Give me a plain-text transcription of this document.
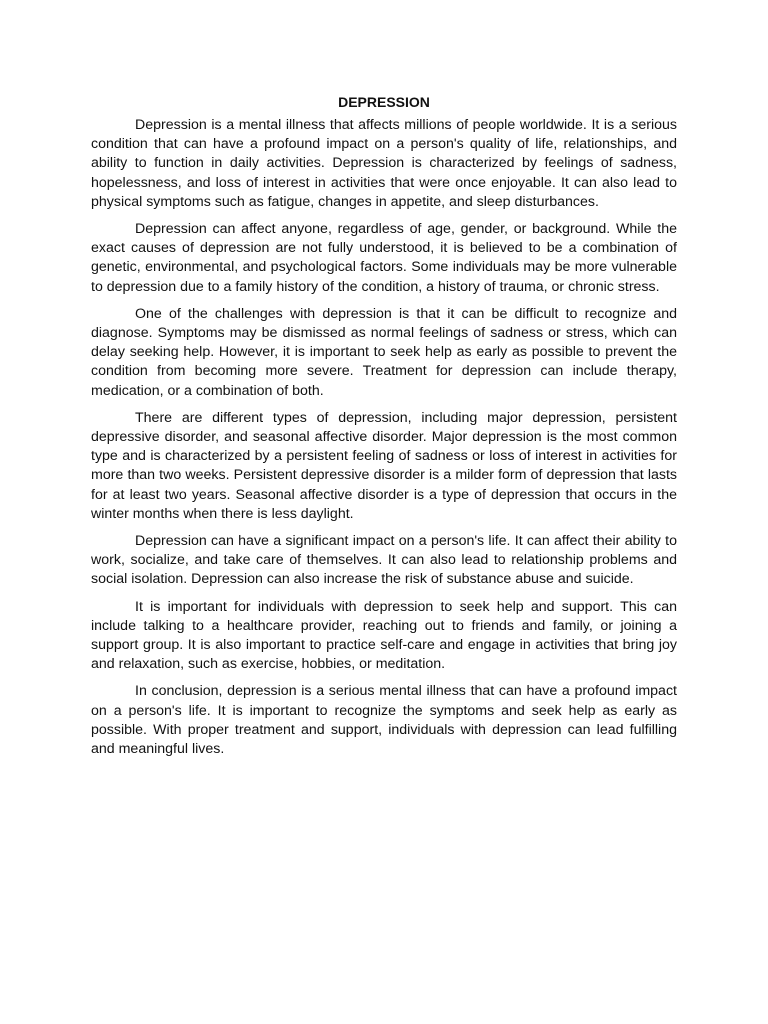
DEPRESSION

Depression is a mental illness that affects millions of people worldwide. It is a serious condition that can have a profound impact on a person's quality of life, relationships, and ability to function in daily activities. Depression is characterized by feelings of sadness, hopelessness, and loss of interest in activities that were once enjoyable. It can also lead to physical symptoms such as fatigue, changes in appetite, and sleep disturbances.

Depression can affect anyone, regardless of age, gender, or background. While the exact causes of depression are not fully understood, it is believed to be a combination of genetic, environmental, and psychological factors. Some individuals may be more vulnerable to depression due to a family history of the condition, a history of trauma, or chronic stress.

One of the challenges with depression is that it can be difficult to recognize and diagnose. Symptoms may be dismissed as normal feelings of sadness or stress, which can delay seeking help. However, it is important to seek help as early as possible to prevent the condition from becoming more severe. Treatment for depression can include therapy, medication, or a combination of both.

There are different types of depression, including major depression, persistent depressive disorder, and seasonal affective disorder. Major depression is the most common type and is characterized by a persistent feeling of sadness or loss of interest in activities for more than two weeks. Persistent depressive disorder is a milder form of depression that lasts for at least two years. Seasonal affective disorder is a type of depression that occurs in the winter months when there is less daylight.

Depression can have a significant impact on a person's life. It can affect their ability to work, socialize, and take care of themselves. It can also lead to relationship problems and social isolation. Depression can also increase the risk of substance abuse and suicide.

It is important for individuals with depression to seek help and support. This can include talking to a healthcare provider, reaching out to friends and family, or joining a support group. It is also important to practice self-care and engage in activities that bring joy and relaxation, such as exercise, hobbies, or meditation.

In conclusion, depression is a serious mental illness that can have a profound impact on a person's life. It is important to recognize the symptoms and seek help as early as possible. With proper treatment and support, individuals with depression can lead fulfilling and meaningful lives.
